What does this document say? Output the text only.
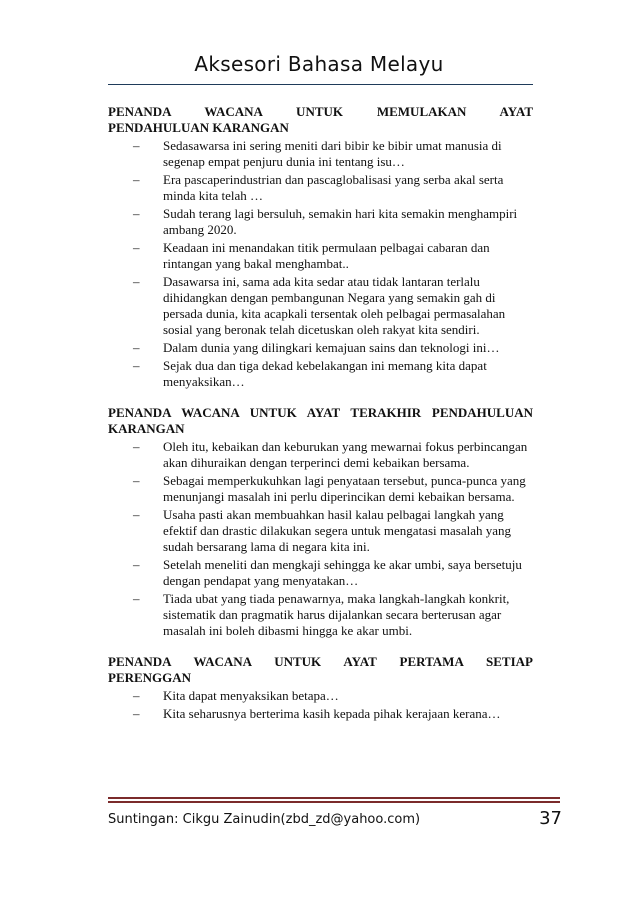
Aksesori Bahasa Melayu
PENANDA WACANA UNTUK MEMULAKAN AYAT
PENDAHULUAN KARANGAN
– Sedasawarsa ini sering meniti dari bibir ke bibir umat manusia di segenap empat penjuru dunia ini tentang isu…
– Era pascaperindustrian dan pascaglobalisasi yang serba akal serta minda kita telah …
– Sudah terang lagi bersuluh, semakin hari kita semakin menghampiri ambang 2020.
– Keadaan ini menandakan titik permulaan pelbagai cabaran dan rintangan yang bakal menghambat..
– Dasawarsa ini, sama ada kita sedar atau tidak lantaran terlalu dihidangkan dengan pembangunan Negara yang semakin gah di persada dunia, kita acapkali tersentak oleh pelbagai permasalahan sosial yang beronak telah dicetuskan oleh rakyat kita sendiri.
– Dalam dunia yang dilingkari kemajuan sains dan teknologi ini…
– Sejak dua dan tiga dekad kebelakangan ini memang kita dapat menyaksikan…
PENANDA WACANA UNTUK AYAT TERAKHIR PENDAHULUAN
KARANGAN
– Oleh itu, kebaikan dan keburukan yang mewarnai fokus perbincangan akan dihuraikan dengan terperinci demi kebaikan bersama.
– Sebagai memperkukuhkan lagi penyataan tersebut, punca-punca yang menunjangi masalah ini perlu diperincikan demi kebaikan bersama.
– Usaha pasti akan membuahkan hasil kalau pelbagai langkah yang efektif dan drastic dilakukan segera untuk mengatasi masalah yang sudah bersarang lama di negara kita ini.
– Setelah meneliti dan mengkaji sehingga ke akar umbi, saya bersetuju dengan pendapat yang menyatakan…
– Tiada ubat yang tiada penawarnya, maka langkah-langkah konkrit, sistematik dan pragmatik harus dijalankan secara berterusan agar masalah ini boleh dibasmi hingga ke akar umbi.
PENANDA WACANA UNTUK AYAT PERTAMA SETIAP
PERENGGAN
– Kita dapat menyaksikan betapa…
– Kita seharusnya berterima kasih kepada pihak kerajaan kerana…
Suntingan: Cikgu Zainudin(zbd_zd@yahoo.com)	37
